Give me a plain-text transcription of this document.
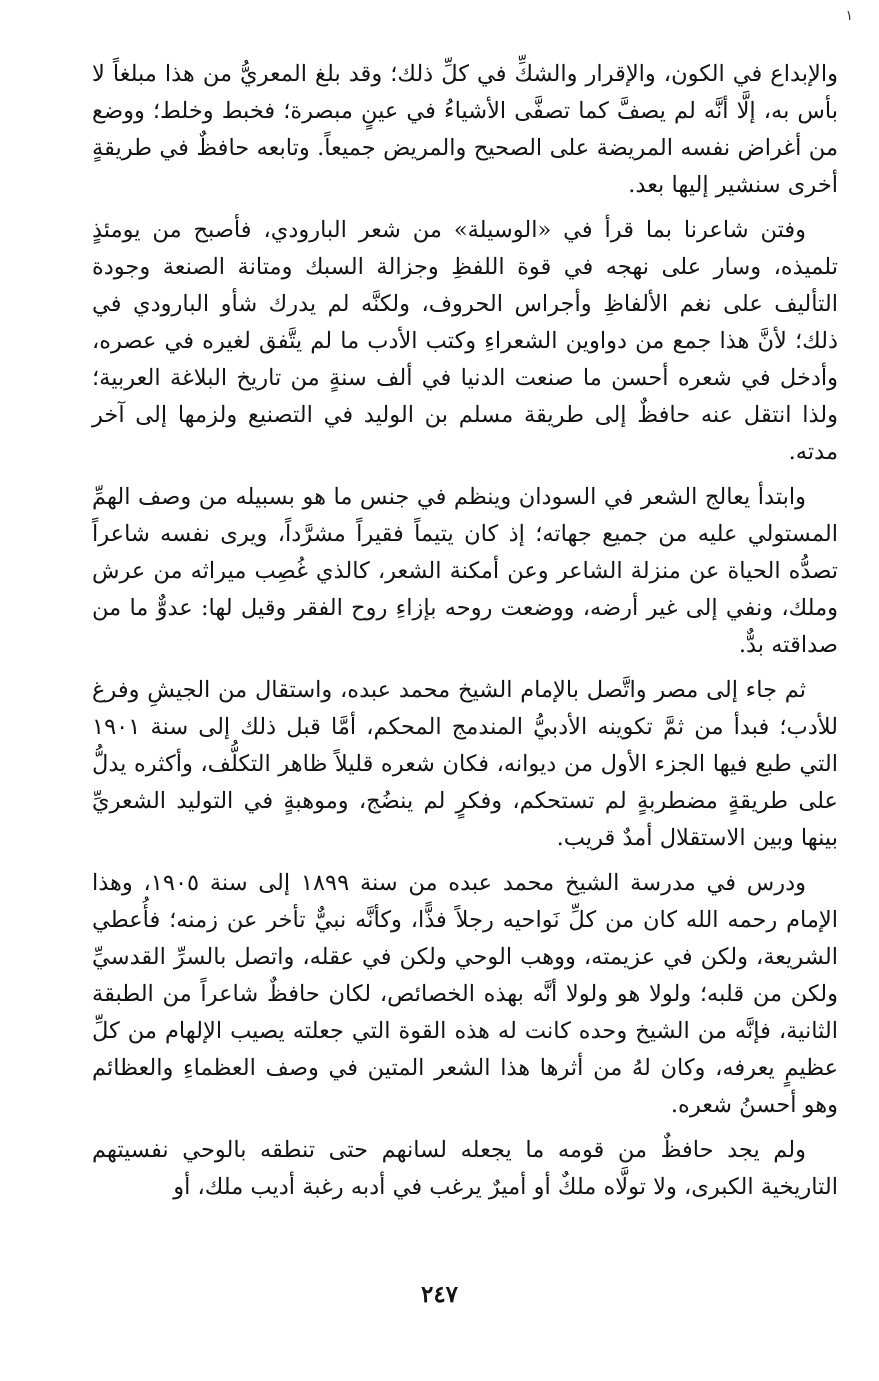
١

والإبداع في الكون، والإقرار والشكِّ في كلِّ ذلك؛ وقد بلغ المعريُّ من هذا مبلغاً لا بأس به، إلَّا أنَّه لم يصفَّ كما تصفَّى الأشياءُ في عينٍ مبصرة؛ فخبط وخلط؛ ووضع من أغراض نفسه المريضة على الصحيح والمريض جميعاً. وتابعه حافظٌ في طريقةٍ أخرى سنشير إليها بعد.

وفتن شاعرنا بما قرأ في «الوسيلة» من شعر البارودي، فأصبح من يومئذٍ تلميذه، وسار على نهجه في قوة اللفظِ وجزالة السبك ومتانة الصنعة وجودة التأليف على نغم الألفاظِ وأجراس الحروف، ولكنَّه لم يدرك شأو البارودي في ذلك؛ لأنَّ هذا جمع من دواوين الشعراءِ وكتب الأدب ما لم يتَّفق لغيره في عصره، وأدخل في شعره أحسن ما صنعت الدنيا في ألف سنةٍ من تاريخ البلاغة العربية؛ ولذا انتقل عنه حافظٌ إلى طريقة مسلم بن الوليد في التصنيع ولزمها إلى آخر مدته.

وابتدأ يعالج الشعر في السودان وينظم في جنس ما هو بسبيله من وصف الهمِّ المستولي عليه من جميع جهاته؛ إذ كان يتيماً فقيراً مشرَّداً، ويرى نفسه شاعراً تصدُّه الحياة عن منزلة الشاعر وعن أمكنة الشعر، كالذي غُصِب ميراثه من عرش وملك، ونفي إلى غير أرضه، ووضعت روحه بإزاءِ روح الفقر وقيل لها: عدوٌّ ما من صداقته بدٌّ.

ثم جاء إلى مصر واتَّصل بالإمام الشيخ محمد عبده، واستقال من الجيشِ وفرغ للأدب؛ فبدأ من ثمَّ تكوينه الأدبيُّ المندمج المحكم، أمَّا قبل ذلك إلى سنة ١٩٠١ التي طبع فيها الجزء الأول من ديوانه، فكان شعره قليلاً ظاهر التكلُّف، وأكثره يدلُّ على طريقةٍ مضطربةٍ لم تستحكم، وفكرٍ لم ينضُج، وموهبةٍ في التوليد الشعريِّ بينها وبين الاستقلال أمدٌ قريب.

ودرس في مدرسة الشيخ محمد عبده من سنة ١٨٩٩ إلى سنة ١٩٠٥، وهذا الإمام رحمه الله كان من كلِّ نَواحيه رجلاً فذًّا، وكأنَّه نبيٌّ تأخر عن زمنه؛ فأُعطي الشريعة، ولكن في عزيمته، ووهب الوحي ولكن في عقله، واتصل بالسرِّ القدسيِّ ولكن من قلبه؛ ولولا هو ولولا أنَّه بهذه الخصائص، لكان حافظٌ شاعراً من الطبقة الثانية، فإنَّه من الشيخ وحده كانت له هذه القوة التي جعلته يصيب الإلهام من كلِّ عظيمٍ يعرفه، وكان لهُ من أثرها هذا الشعر المتين في وصف العظماءِ والعظائم وهو أحسنُ شعره.

ولم يجد حافظٌ من قومه ما يجعله لسانهم حتى تنطقه بالوحي نفسيتهم التاريخية الكبرى، ولا تولَّاه ملكٌ أو أميرٌ يرغب في أدبه رغبة أديب ملك، أو

٢٤٧
